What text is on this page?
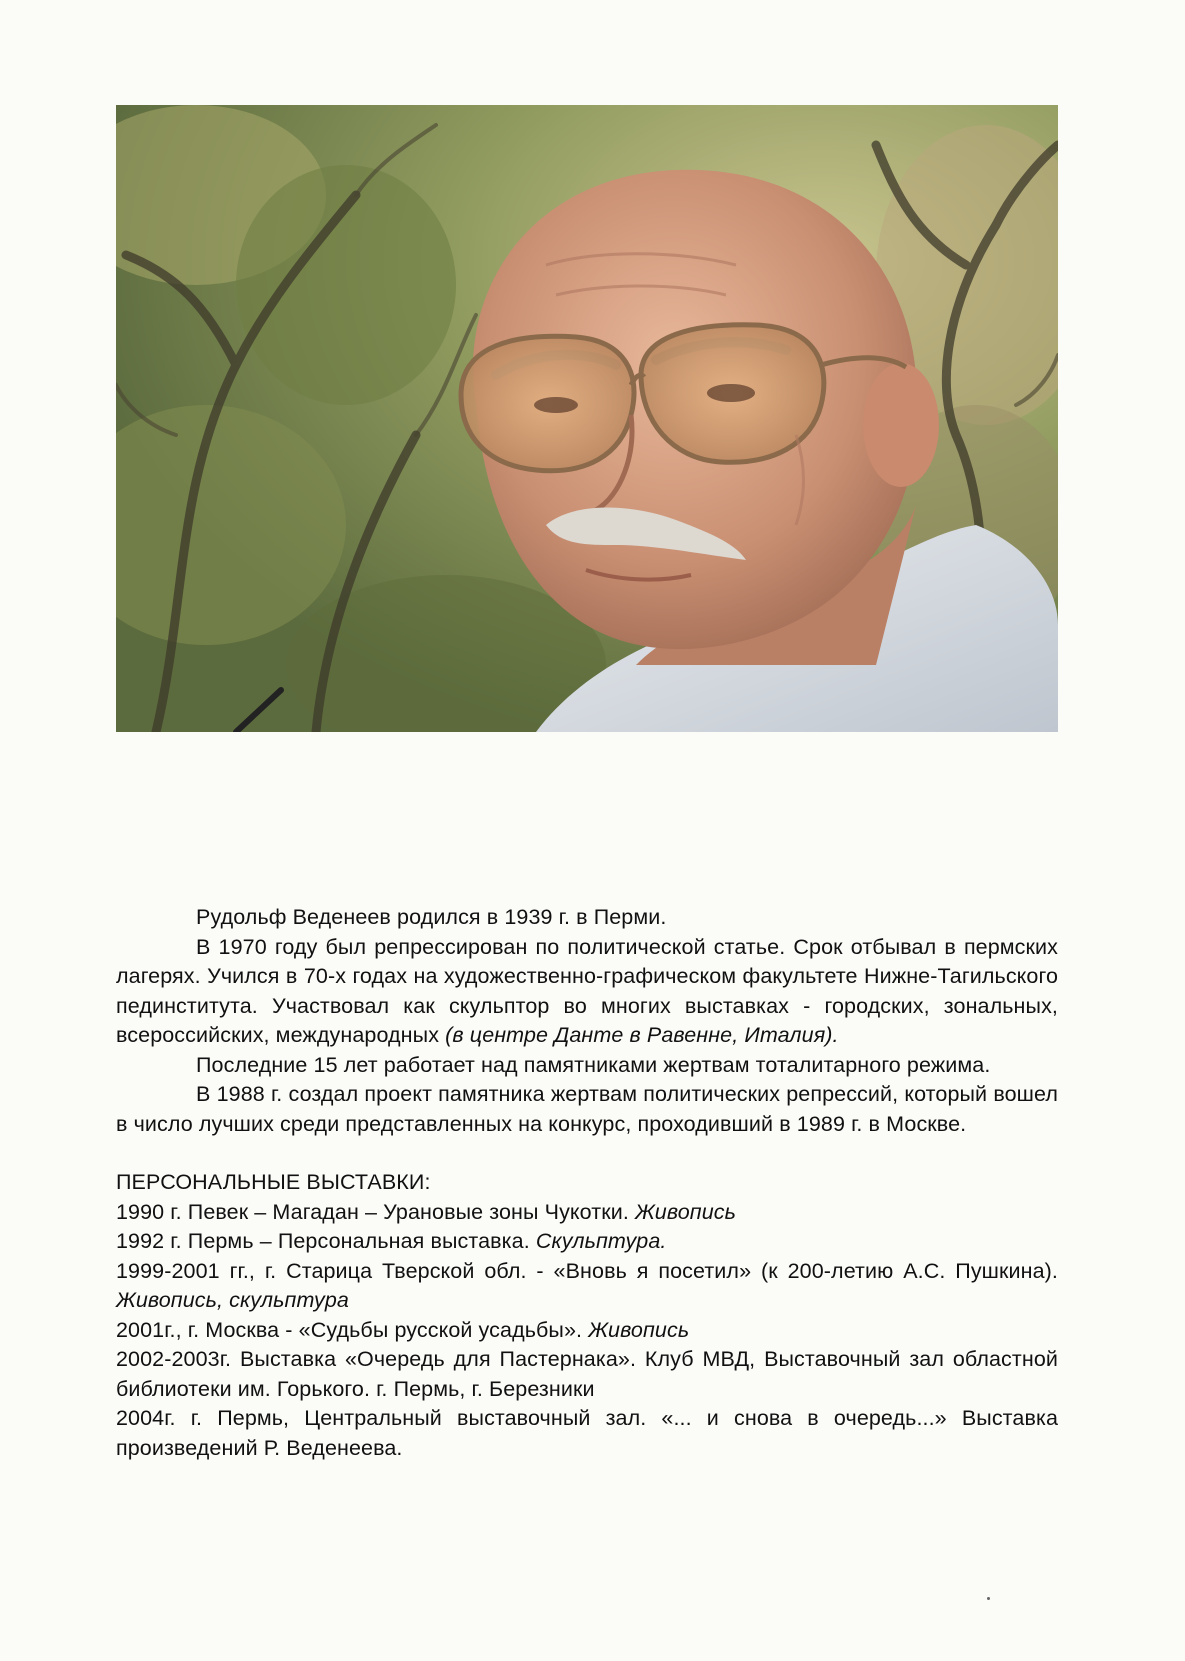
Рудольф Веденеев родился в 1939 г. в Перми.

В 1970 году был репрессирован по политической статье. Срок отбывал в пермских лагерях. Учился в 70-х годах на художественно-графическом факультете Нижне-Тагильского пединститута. Участвовал как скульптор во многих выставках - городских, зональных, всероссийских, международных (в центре Данте в Равенне, Италия).

Последние 15 лет работает над памятниками жертвам тоталитарного режима.

В 1988 г. создал проект памятника жертвам политических репрессий, который вошел в число лучших среди представленных на конкурс, проходивший в 1989 г. в Москве.

ПЕРСОНАЛЬНЫЕ ВЫСТАВКИ:

1990 г. Певек – Магадан – Урановые зоны Чукотки. Живопись

1992 г. Пермь – Персональная выставка. Скульптура.

1999-2001 гг., г. Старица Тверской обл. - «Вновь я посетил» (к 200-летию А.С. Пушкина). Живопись, скульптура

2001г., г. Москва - «Судьбы русской усадьбы». Живопись

2002-2003г. Выставка «Очередь для Пастернака». Клуб МВД, Выставочный зал областной библиотеки им. Горького. г. Пермь, г. Березники

2004г. г. Пермь, Центральный выставочный зал. «... и снова в очередь...» Выставка произведений Р. Веденеева.
